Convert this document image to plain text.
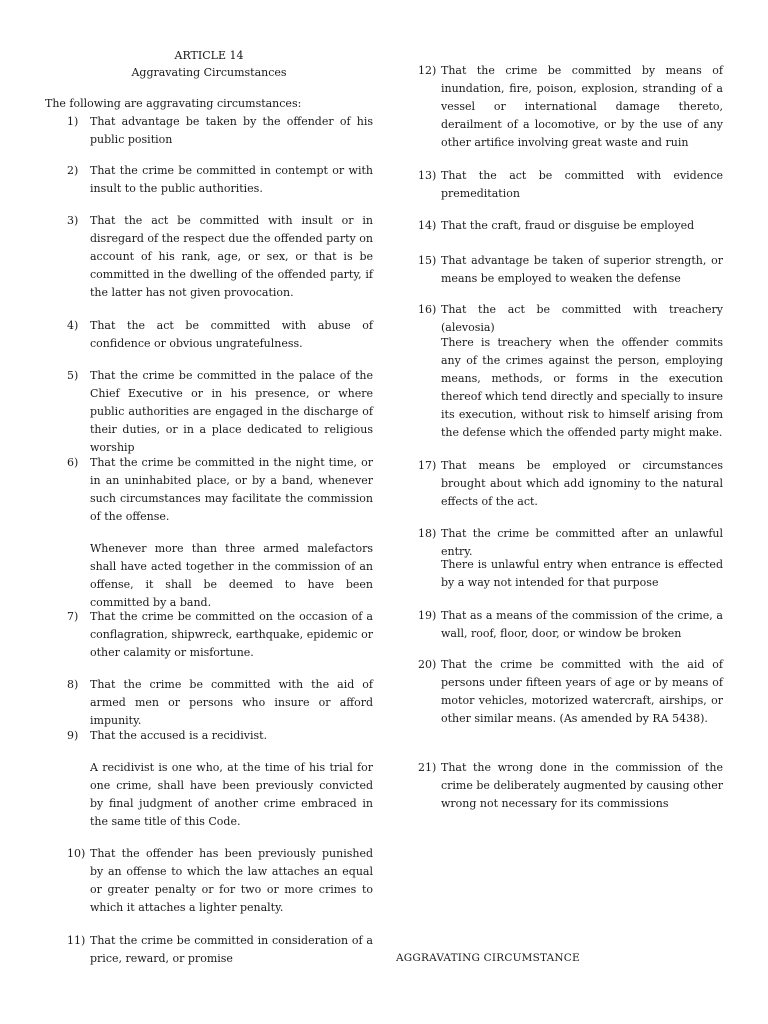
ARTICLE 14
Aggravating Circumstances
The following are aggravating circumstances:
1)	That advantage be taken by the offender of his public position
2)	That the crime be committed in contempt or with insult to the public authorities.
3)	That the act be committed with insult or in disregard of the respect due the offended party on account of his rank, age, or sex, or that is be committed in the dwelling of the offended party, if the latter has not given provocation.
4)	That the act be committed with abuse of confidence or obvious ungratefulness.
5)	That the crime be committed in the palace of the Chief Executive or in his presence, or where public authorities are engaged in the discharge of their duties, or in a place dedicated to religious worship
6)	That the crime be committed in the night time, or in an uninhabited place, or by a band, whenever such circumstances may facilitate the commission of the offense.
Whenever more than three armed malefactors shall have acted together in the commission of an offense, it shall be deemed to have been committed by a band.
7)	That the crime be committed on the occasion of a conflagration, shipwreck, earthquake, epidemic or other calamity or misfortune.
8)	That the crime be committed with the aid of armed men or persons who insure or afford impunity.
9)	That the accused is a recidivist.
A recidivist is one who, at the time of his trial for one crime, shall have been previously convicted by final judgment of another crime embraced in the same title of this Code.
10) That the offender has been previously punished by an offense to which the law attaches an equal or greater penalty or for two or more crimes to which it attaches a lighter penalty.
11) That the crime be committed in consideration of a price, reward, or promise
12) That the crime be committed by means of inundation, fire, poison, explosion, stranding of a vessel or international damage thereto, derailment of a locomotive, or by the use of any other artifice involving great waste and ruin
13) That the act be committed with evidence premeditation
14) That the craft, fraud or disguise be employed
15) That advantage be taken of superior strength, or means be employed to weaken the defense
16) That the act be committed with treachery (alevosia)
There is treachery when the offender commits any of the crimes against the person, employing means, methods, or forms in the execution thereof which tend directly and specially to insure its execution, without risk to himself arising from the defense which the offended party might make.
17) That means be employed or circumstances brought about which add ignominy to the natural effects of the act.
18) That the crime be committed after an unlawful entry.
There is unlawful entry when entrance is effected by a way not intended for that purpose
19) That as a means of the commission of the crime, a wall, roof, floor, door, or window be broken
20) That the crime be committed with the aid of persons under fifteen years of age or by means of motor vehicles, motorized watercraft, airships, or other similar means. (As amended by RA 5438).
21) That the wrong done in the commission of the crime be deliberately augmented by causing other wrong not necessary for its commissions
AGGRAVATING CIRCUMSTANCE
